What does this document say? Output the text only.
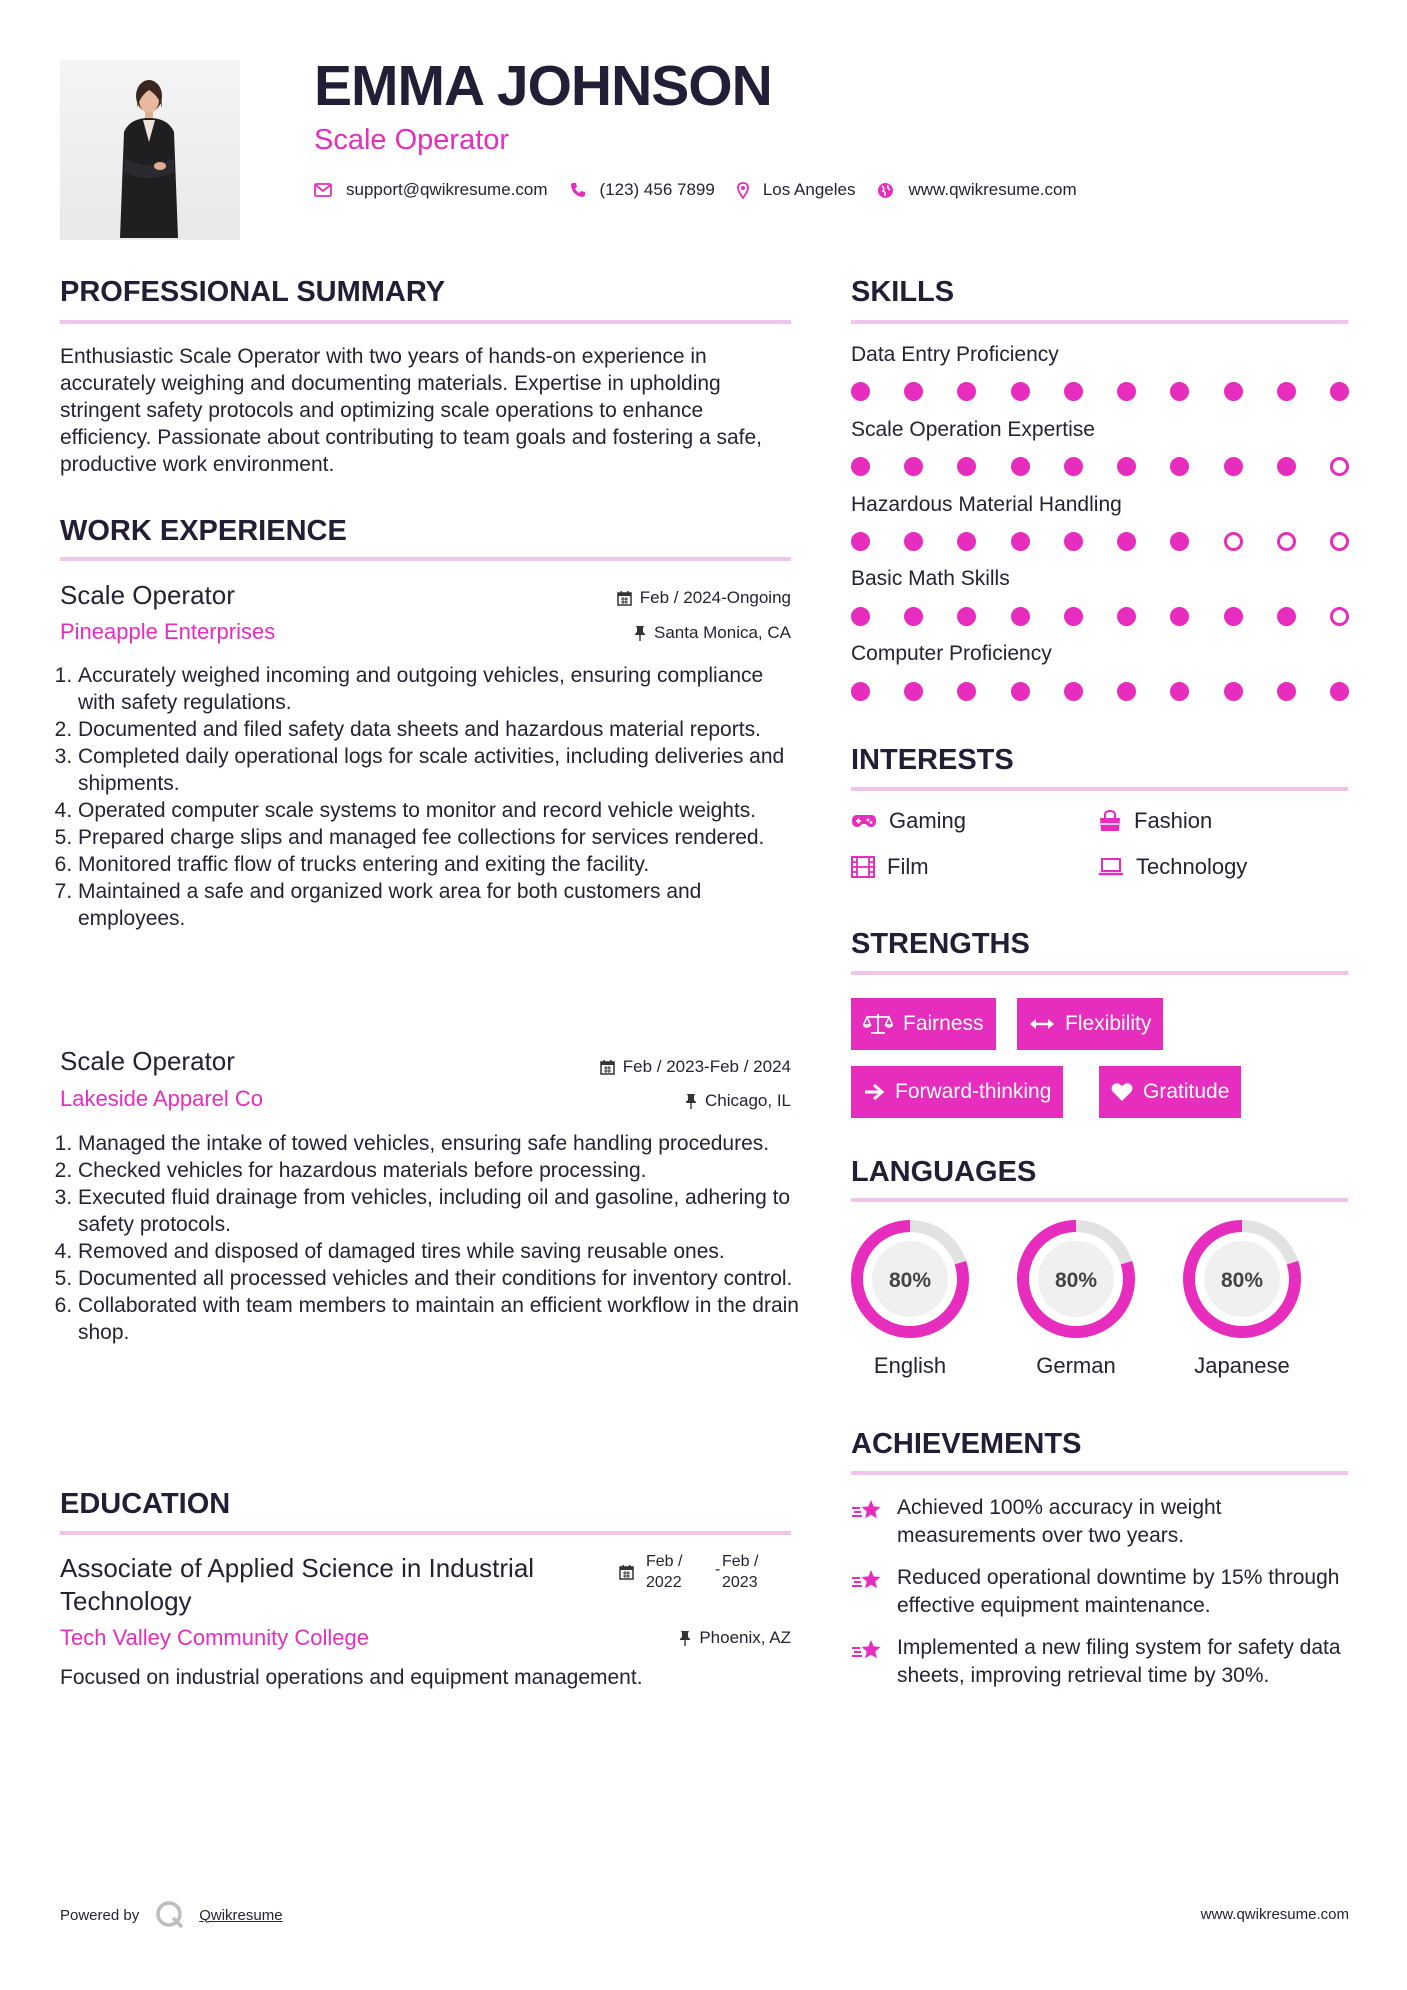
EMMA JOHNSON
Scale Operator
support@qwikresume.com	(123) 456 7899	Los Angeles	www.qwikresume.com
PROFESSIONAL SUMMARY
Enthusiastic Scale Operator with two years of hands-on experience in accurately weighing and documenting materials. Expertise in upholding stringent safety protocols and optimizing scale operations to enhance efficiency. Passionate about contributing to team goals and fostering a safe, productive work environment.
WORK EXPERIENCE
Scale Operator
Pineapple Enterprises
Feb / 2024-Ongoing
Santa Monica, CA
1. Accurately weighed incoming and outgoing vehicles, ensuring compliance with safety regulations.
2. Documented and filed safety data sheets and hazardous material reports.
3. Completed daily operational logs for scale activities, including deliveries and shipments.
4. Operated computer scale systems to monitor and record vehicle weights.
5. Prepared charge slips and managed fee collections for services rendered.
6. Monitored traffic flow of trucks entering and exiting the facility.
7. Maintained a safe and organized work area for both customers and employees.
Scale Operator
Lakeside Apparel Co
Feb / 2023-Feb / 2024
Chicago, IL
1. Managed the intake of towed vehicles, ensuring safe handling procedures.
2. Checked vehicles for hazardous materials before processing.
3. Executed fluid drainage from vehicles, including oil and gasoline, adhering to safety protocols.
4. Removed and disposed of damaged tires while saving reusable ones.
5. Documented all processed vehicles and their conditions for inventory control.
6. Collaborated with team members to maintain an efficient workflow in the drain shop.
EDUCATION
Associate of Applied Science in Industrial
Technology
Feb /
2022
- Feb /
2023
Tech Valley Community College	Phoenix, AZ
Focused on industrial operations and equipment management.
SKILLS
Data Entry Proficiency
Scale Operation Expertise
Hazardous Material Handling
Basic Math Skills
Computer Proficiency
INTERESTS
Gaming	Fashion
Film	Technology
STRENGTHS
Fairness	Flexibility
Forward-thinking	Gratitude
LANGUAGES
80%
English
80%
German
80%
Japanese
ACHIEVEMENTS
Achieved 100% accuracy in weight measurements over two years.
Reduced operational downtime by 15% through effective equipment maintenance.
Implemented a new filing system for safety data sheets, improving retrieval time by 30%.
Powered by	Qwikresume	www.qwikresume.com
